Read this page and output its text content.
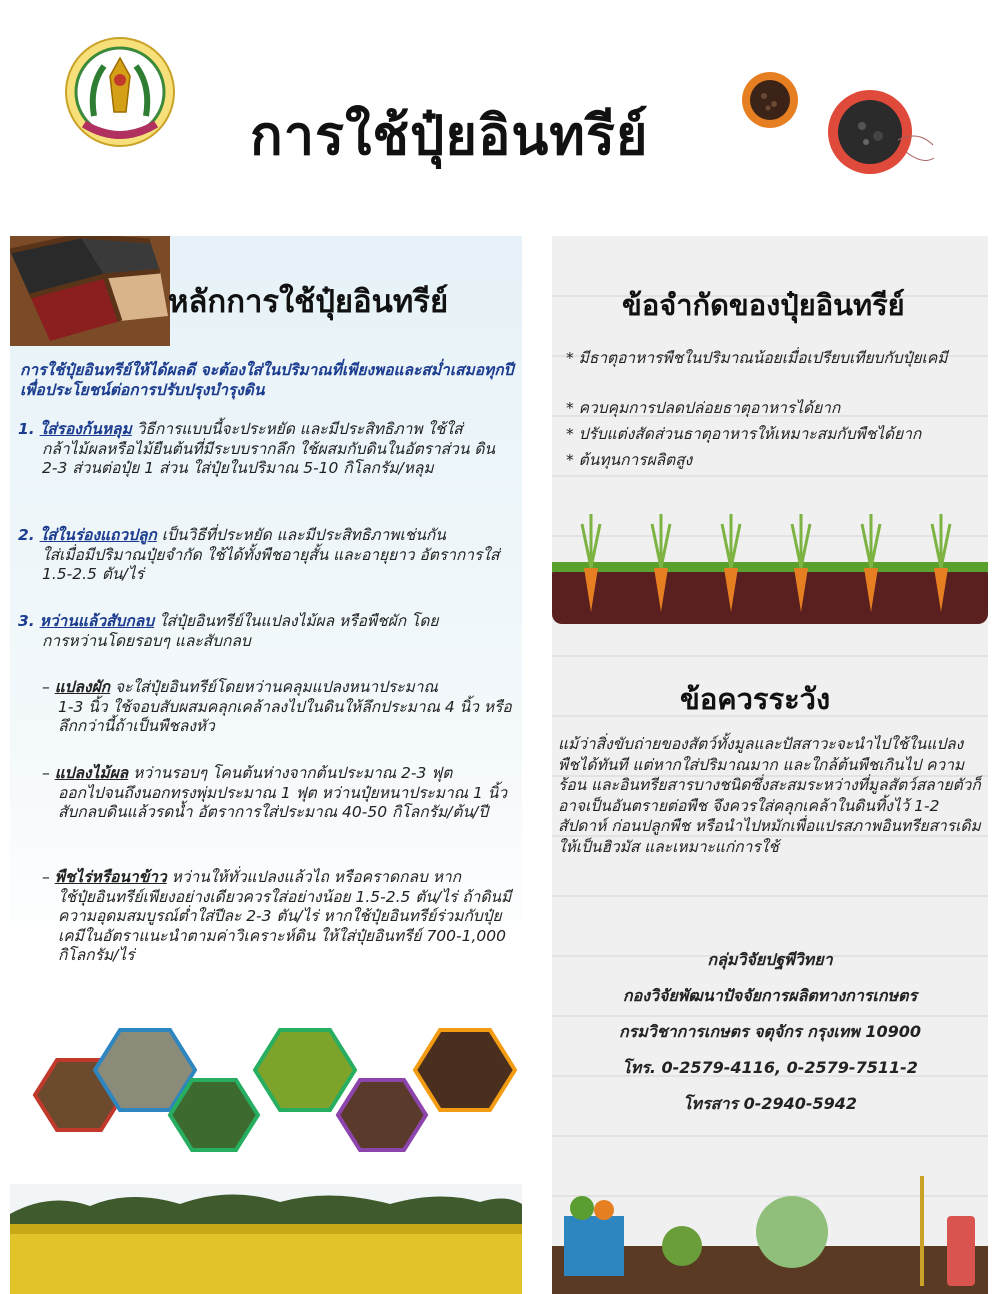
การใช้ปุ๋ยอินทรีย์
หลักการใช้ปุ๋ยอินทรีย์
การใช้ปุ๋ยอินทรีย์ให้ได้ผลดี จะต้องใส่ในปริมาณที่เพียงพอและสม่ำเสมอทุกปีเพื่อประโยชน์ต่อการปรับปรุงบำรุงดิน
1. ใส่รองก้นหลุม วิธีการแบบนี้จะประหยัด และมีประสิทธิภาพ ใช้ใส่
กล้าไม้ผลหรือไม้ยืนต้นที่มีระบบรากลึก ใช้ผสมกับดินในอัตราส่วน ดิน 2-3 ส่วนต่อปุ๋ย 1 ส่วน ใส่ปุ๋ยในปริมาณ 5-10 กิโลกรัม/หลุม
2. ใส่ในร่องแถวปลูก เป็นวิธีที่ประหยัด และมีประสิทธิภาพเช่นกัน
ใส่เมื่อมีปริมาณปุ๋ยจำกัด ใช้ได้ทั้งพืชอายุสั้น และอายุยาว อัตราการใส่ 1.5-2.5 ตัน/ไร่
3. หว่านแล้วสับกลบ ใส่ปุ๋ยอินทรีย์ในแปลงไม้ผล หรือพืชผัก โดย
การหว่านโดยรอบๆ และสับกลบ
– แปลงผัก จะใส่ปุ๋ยอินทรีย์โดยหว่านคลุมแปลงหนาประมาณ
1-3 นิ้ว ใช้จอบสับผสมคลุกเคล้าลงไปในดินให้ลึกประมาณ 4 นิ้ว หรือลึกกว่านี้ถ้าเป็นพืชลงหัว
– แปลงไม้ผล หว่านรอบๆ โคนต้นห่างจากต้นประมาณ 2-3 ฟุต
ออกไปจนถึงนอกทรงพุ่มประมาณ 1 ฟุต หว่านปุ๋ยหนาประมาณ 1 นิ้ว สับกลบดินแล้วรดน้ำ อัตราการใส่ประมาณ 40-50 กิโลกรัม/ต้น/ปี
– พืชไร่หรือนาข้าว หว่านให้ทั่วแปลงแล้วไถ หรือคราดกลบ หาก
ใช้ปุ๋ยอินทรีย์เพียงอย่างเดียวควรใส่อย่างน้อย 1.5-2.5 ตัน/ไร่ ถ้าดินมีความอุดมสมบูรณ์ต่ำใส่ปีละ 2-3 ตัน/ไร่ หากใช้ปุ๋ยอินทรีย์ร่วมกับปุ๋ยเคมีในอัตราแนะนำตามค่าวิเคราะห์ดิน ให้ใส่ปุ๋ยอินทรีย์ 700-1,000 กิโลกรัม/ไร่
ข้อจำกัดของปุ๋ยอินทรีย์
* มีธาตุอาหารพืชในปริมาณน้อยเมื่อเปรียบเทียบกับปุ๋ยเคมี
* ควบคุมการปลดปล่อยธาตุอาหารได้ยาก
* ปรับแต่งสัดส่วนธาตุอาหารให้เหมาะสมกับพืชได้ยาก
* ต้นทุนการผลิตสูง
ข้อควรระวัง
แม้ว่าสิ่งขับถ่ายของสัตว์ทั้งมูลและปัสสาวะจะนำไปใช้ในแปลงพืชได้ทันที แต่หากใส่ปริมาณมาก และใกล้ต้นพืชเกินไป ความร้อน และอินทรียสารบางชนิดซึ่งสะสมระหว่างที่มูลสัตว์สลายตัวก็อาจเป็นอันตรายต่อพืช จึงควรใส่คลุกเคล้าในดินทิ้งไว้ 1-2 สัปดาห์ ก่อนปลูกพืช หรือนำไปหมักเพื่อแปรสภาพอินทรียสารเดิมให้เป็นฮิวมัส และเหมาะแก่การใช้
กลุ่มวิจัยปฐพีวิทยา
กองวิจัยพัฒนาปัจจัยการผลิตทางการเกษตร
กรมวิชาการเกษตร จตุจักร กรุงเทพ 10900
โทร. 0-2579-4116, 0-2579-7511-2
โทรสาร 0-2940-5942
